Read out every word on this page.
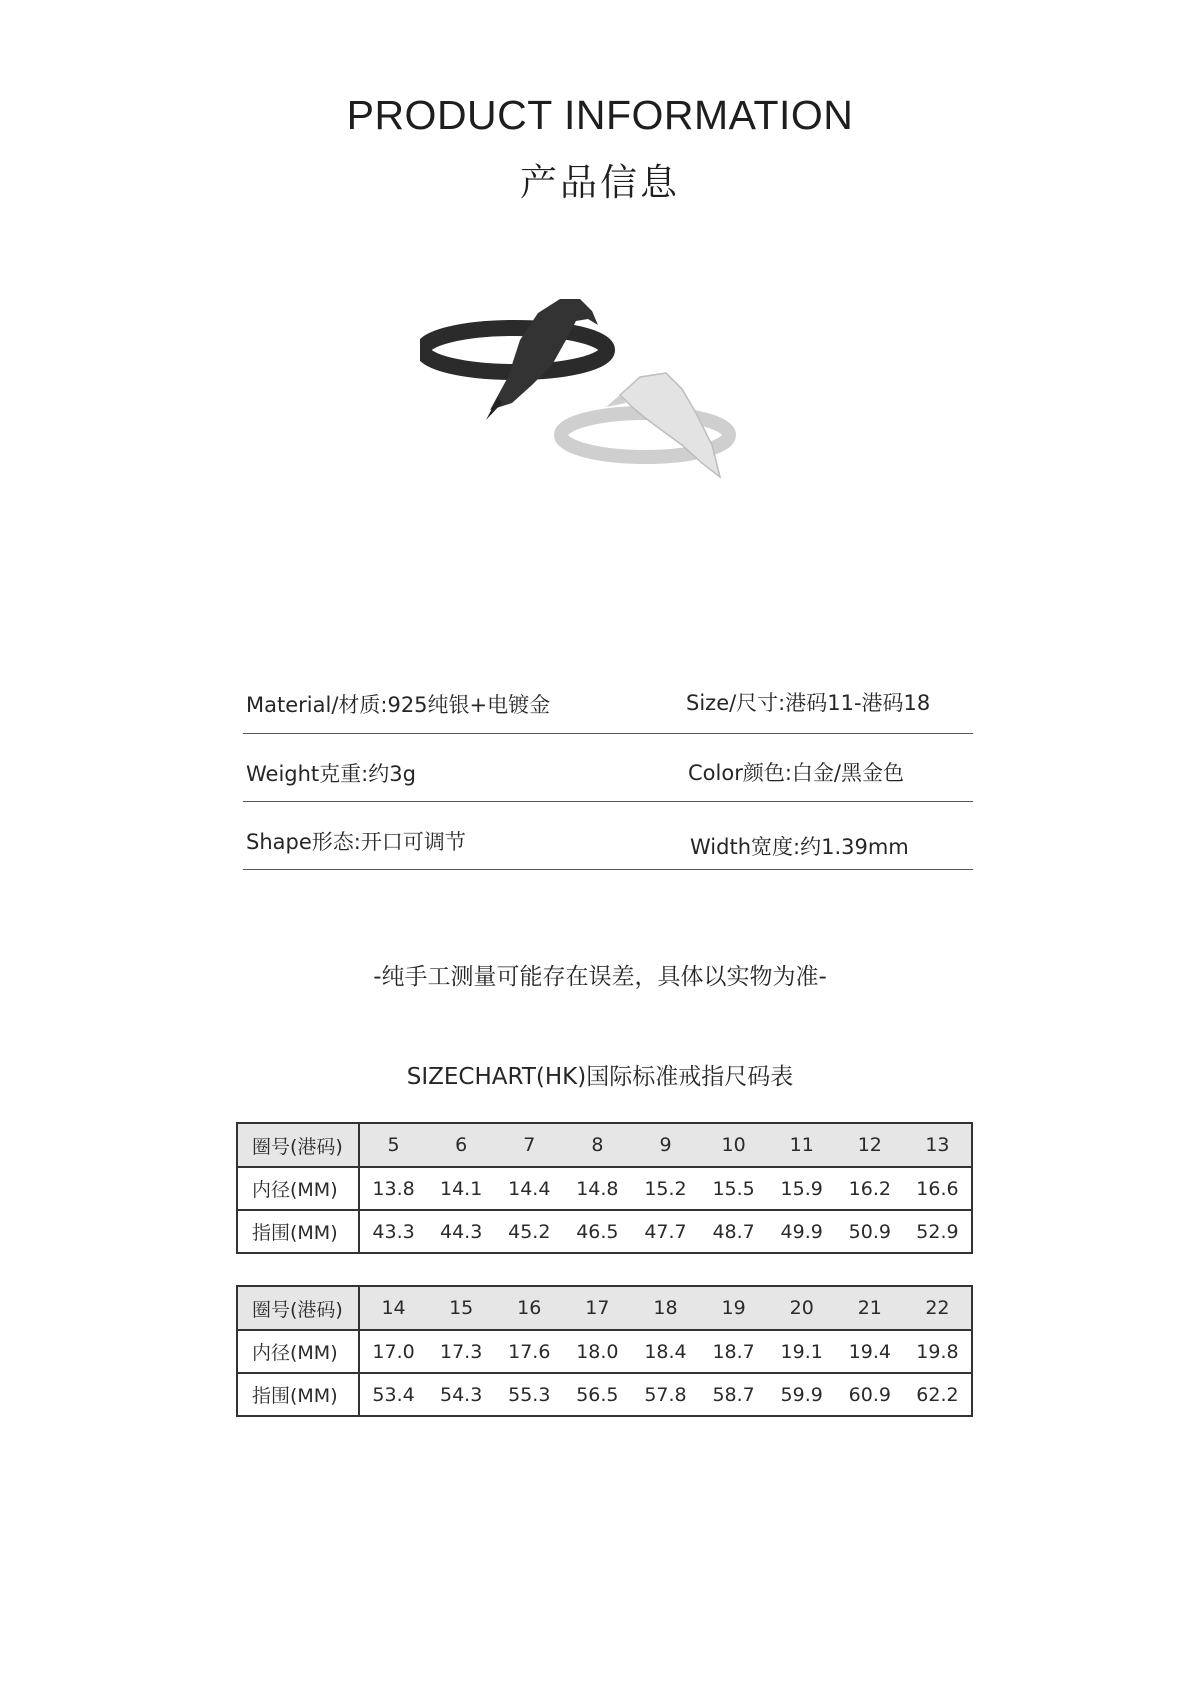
PRODUCT INFORMATION
产品信息
Material/材质:925纯银+电镀金	Size/尺寸:港码11-港码18
Weight克重:约3g	Color颜色:白金/黑金色
Shape形态:开口可调节	Width宽度:约1.39mm
-纯手工测量可能存在误差，具体以实物为准-
SIZECHART(HK)国际标准戒指尺码表
圈号(港码)	5	6	7	8	9	10	11	12	13
内径(MM)	13.8	14.1	14.4	14.8	15.2	15.5	15.9	16.2	16.6
指围(MM)	43.3	44.3	45.2	46.5	47.7	48.7	49.9	50.9	52.9
圈号(港码)	14	15	16	17	18	19	20	21	22
内径(MM)	17.0	17.3	17.6	18.0	18.4	18.7	19.1	19.4	19.8
指围(MM)	53.4	54.3	55.3	56.5	57.8	58.7	59.9	60.9	62.2
